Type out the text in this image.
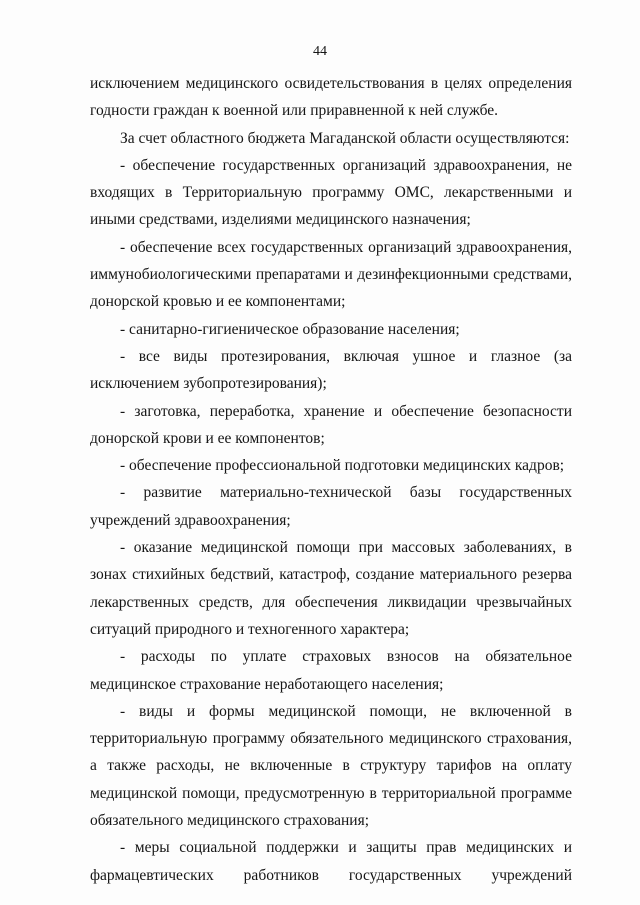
44

исключением медицинского освидетельствования в целях определения годности граждан к военной или приравненной к ней службе.

За счет областного бюджета Магаданской области осуществляются:

- обеспечение государственных организаций здравоохранения, не входящих в Территориальную программу ОМС, лекарственными и иными средствами, изделиями медицинского назначения;

- обеспечение всех государственных организаций здравоохранения, иммунобиологическими препаратами и дезинфекционными средствами, донорской кровью и ее компонентами;

- санитарно-гигиеническое образование населения;

- все виды протезирования, включая ушное и глазное (за исключением зубопротезирования);

- заготовка, переработка, хранение и обеспечение безопасности донорской крови и ее компонентов;

- обеспечение профессиональной подготовки медицинских кадров;

- развитие материально-технической базы государственных учреждений здравоохранения;

- оказание медицинской помощи при массовых заболеваниях, в зонах стихийных бедствий, катастроф, создание материального резерва лекарственных средств, для обеспечения ликвидации чрезвычайных ситуаций природного и техногенного характера;

- расходы по уплате страховых взносов на обязательное медицинское страхование неработающего населения;

- виды и формы медицинской помощи, не включенной в территориальную программу обязательного медицинского страхования, а также расходы, не включенные в структуру тарифов на оплату медицинской помощи, предусмотренную в территориальной программе обязательного медицинского страхования;

- меры социальной поддержки и защиты прав медицинских и фармацевтических работников государственных учреждений
